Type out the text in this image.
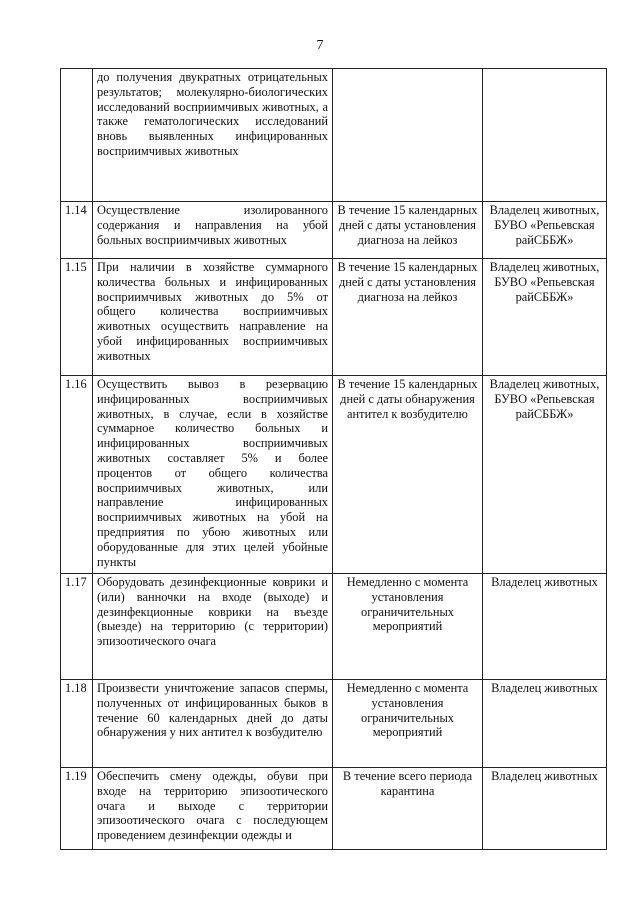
7
	до получения двукратных отрицательных результатов; молекулярно-биологических исследований восприимчивых животных, а также гематологических исследований вновь выявленных инфицированных восприимчивых животных		
1.14	Осуществление изолированного содержания и направления на убой больных восприимчивых животных	В течение 15 календарных дней с даты установления диагноза на лейкоз	Владелец животных, БУВО «Репьевская райСББЖ»
1.15	При наличии в хозяйстве суммарного количества больных и инфицированных восприимчивых животных до 5% от общего количества восприимчивых животных осуществить направление на убой инфицированных восприимчивых животных	В течение 15 календарных дней с даты установления диагноза на лейкоз	Владелец животных, БУВО «Репьевская райСББЖ»
1.16	Осуществить вывоз в резервацию инфицированных восприимчивых животных, в случае, если в хозяйстве суммарное количество больных и инфицированных восприимчивых животных составляет 5% и более процентов от общего количества восприимчивых животных, или направление инфицированных восприимчивых животных на убой на предприятия по убою животных или оборудованные для этих целей убойные пункты	В течение 15 календарных дней с даты обнаружения антител к возбудителю	Владелец животных, БУВО «Репьевская райСББЖ»
1.17	Оборудовать дезинфекционные коврики и (или) ванночки на входе (выходе) и дезинфекционные коврики на въезде (выезде) на территорию (с территории) эпизоотического очага	Немедленно с момента установления ограничительных мероприятий	Владелец животных
1.18	Произвести уничтожение запасов спермы, полученных от инфицированных быков в течение 60 календарных дней до даты обнаружения у них антител к возбудителю	Немедленно с момента установления ограничительных мероприятий	Владелец животных
1.19	Обеспечить смену одежды, обуви при входе на территорию эпизоотического очага и выходе с территории эпизоотического очага с последующем проведением дезинфекции одежды и	В течение всего периода карантина	Владелец животных
